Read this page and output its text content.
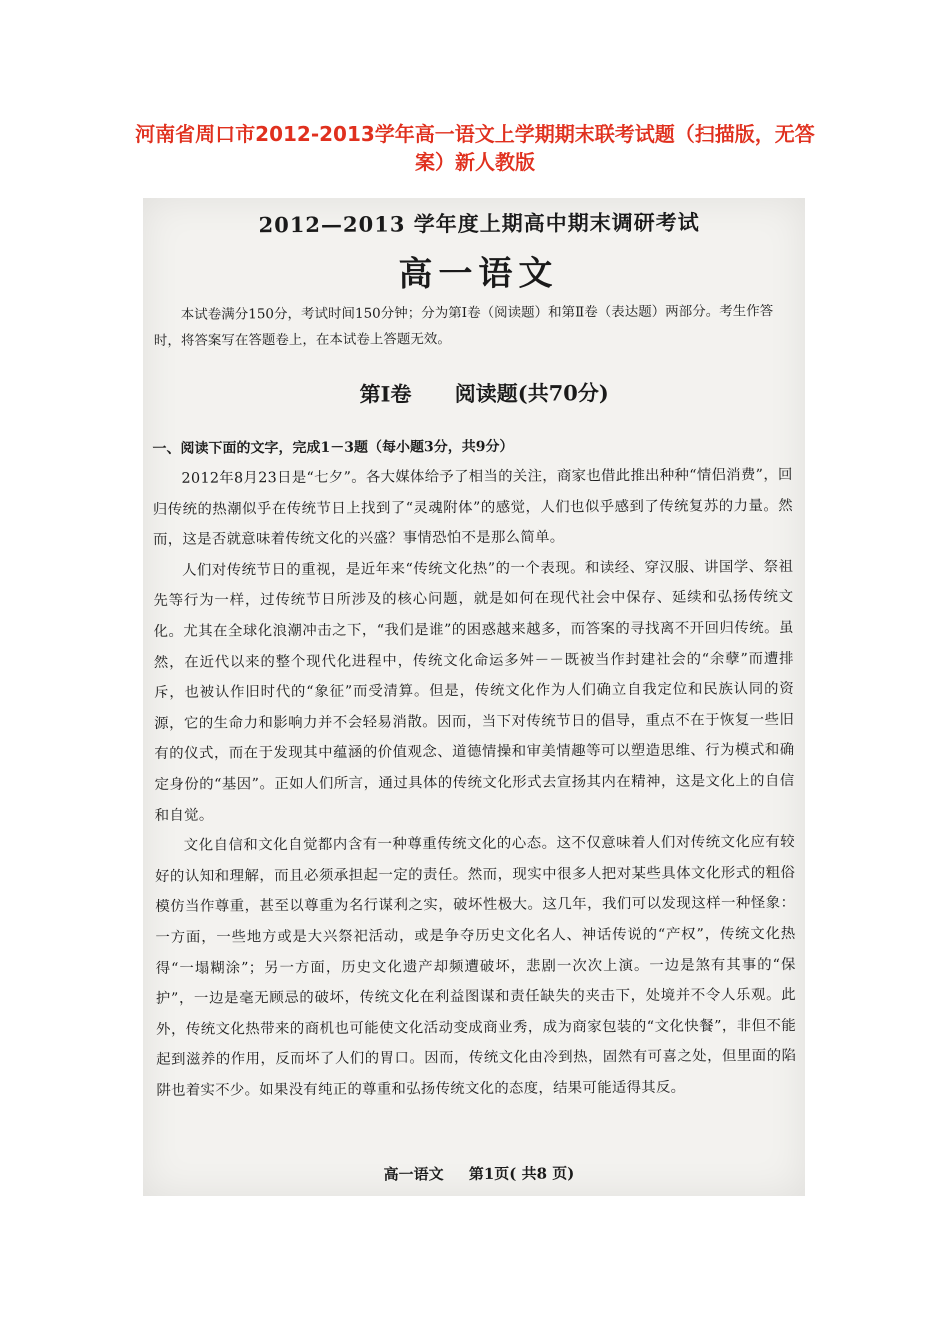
河南省周口市2012-2013学年高一语文上学期期末联考试题（扫描版，无答案）新人教版
2012—2013 学年度上期高中期末调研考试
高一语文
本试卷满分150分，考试时间150分钟；分为第Ⅰ卷（阅读题）和第Ⅱ卷（表达题）两部分。考生作答时，将答案写在答题卷上，在本试卷上答题无效。
第Ⅰ卷 阅读题(共70分)
一、阅读下面的文字，完成1－3题（每小题3分，共9分）

2012年8月23日是“七夕”。各大媒体给予了相当的关注，商家也借此推出种种“情侣消费”，回归传统的热潮似乎在传统节日上找到了“灵魂附体”的感觉，人们也似乎感到了传统复苏的力量。然而，这是否就意味着传统文化的兴盛？事情恐怕不是那么简单。

人们对传统节日的重视，是近年来“传统文化热”的一个表现。和读经、穿汉服、讲国学、祭祖先等行为一样，过传统节日所涉及的核心问题，就是如何在现代社会中保存、延续和弘扬传统文化。尤其在全球化浪潮冲击之下，“我们是谁”的困惑越来越多，而答案的寻找离不开回归传统。虽然，在近代以来的整个现代化进程中，传统文化命运多舛－－既被当作封建社会的“余孽”而遭排斥，也被认作旧时代的“象征”而受清算。但是，传统文化作为人们确立自我定位和民族认同的资源，它的生命力和影响力并不会轻易消散。因而，当下对传统节日的倡导，重点不在于恢复一些旧有的仪式，而在于发现其中蕴涵的价值观念、道德情操和审美情趣等可以塑造思维、行为模式和确定身份的“基因”。正如人们所言，通过具体的传统文化形式去宣扬其内在精神，这是文化上的自信和自觉。

文化自信和文化自觉都内含有一种尊重传统文化的心态。这不仅意味着人们对传统文化应有较好的认知和理解，而且必须承担起一定的责任。然而，现实中很多人把对某些具体文化形式的粗俗模仿当作尊重，甚至以尊重为名行谋利之实，破坏性极大。这几年，我们可以发现这样一种怪象：一方面，一些地方或是大兴祭祀活动，或是争夺历史文化名人、神话传说的“产权”，传统文化热得“一塌糊涂”；另一方面，历史文化遗产却频遭破坏，悲剧一次次上演。一边是煞有其事的“保护”，一边是毫无顾忌的破坏，传统文化在利益图谋和责任缺失的夹击下，处境并不令人乐观。此外，传统文化热带来的商机也可能使文化活动变成商业秀，成为商家包装的“文化快餐”，非但不能起到滋养的作用，反而坏了人们的胃口。因而，传统文化由冷到热，固然有可喜之处，但里面的陷阱也着实不少。如果没有纯正的尊重和弘扬传统文化的态度，结果可能适得其反。

高一语文 第1页( 共8 页)
